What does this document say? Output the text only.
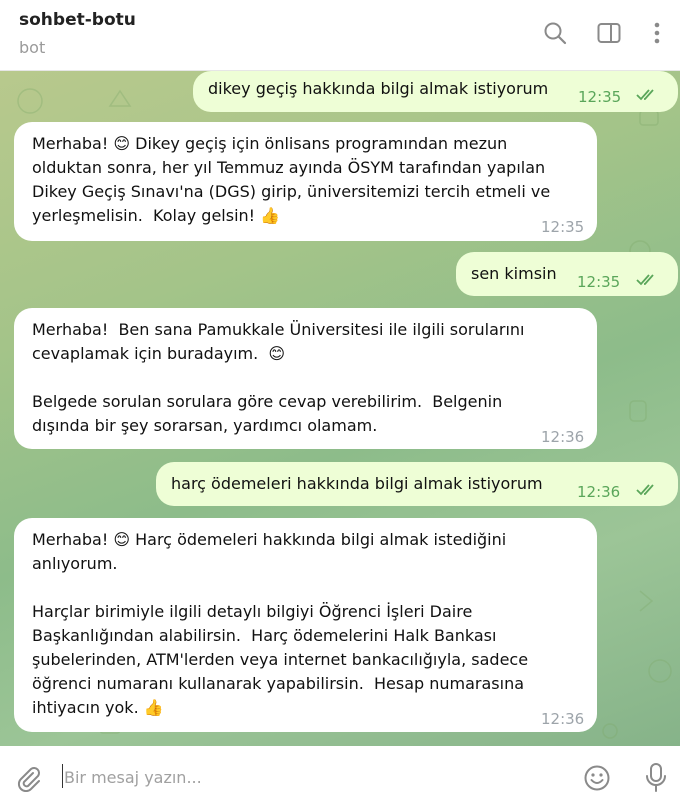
sohbet-botu
bot
dikey geçiş hakkında bilgi almak istiyorum 12:35
Merhaba! 😊 Dikey geçiş için önlisans programından mezun
olduktan sonra, her yıl Temmuz ayında ÖSYM tarafından yapılan
Dikey Geçiş Sınavı'na (DGS) girip, üniversitemizi tercih etmeli ve
yerleşmelisin.  Kolay gelsin! 👍
12:35
sen kimsin 12:35
Merhaba!  Ben sana Pamukkale Üniversitesi ile ilgili sorularını
cevaplamak için buradayım.  😊

Belgede sorulan sorulara göre cevap verebilirim.  Belgenin
dışında bir şey sorarsan, yardımcı olamam.
12:36
harç ödemeleri hakkında bilgi almak istiyorum 12:36
Merhaba! 😊 Harç ödemeleri hakkında bilgi almak istediğini
anlıyorum.

Harçlar birimiyle ilgili detaylı bilgiyi Öğrenci İşleri Daire
Başkanlığından alabilirsin.  Harç ödemelerini Halk Bankası
şubelerinden, ATM'lerden veya internet bankacılığıyla, sadece
öğrenci numaranı kullanarak yapabilirsin.  Hesap numarasına
ihtiyacın yok. 👍
12:36
Bir mesaj yazın...
